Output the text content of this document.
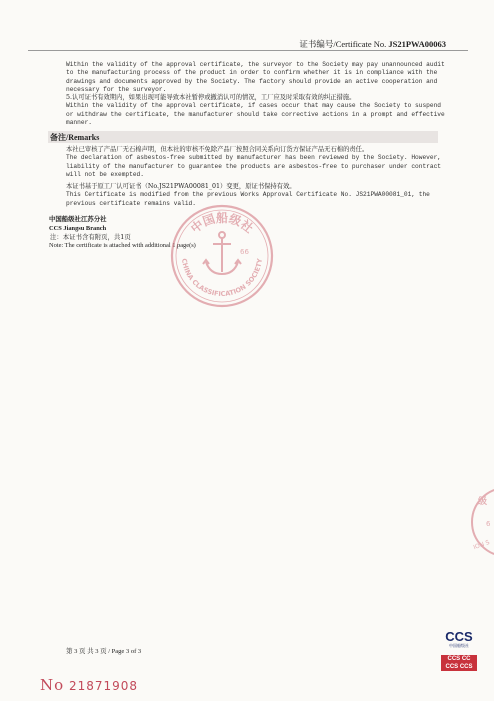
证书编号/Certificate No. JS21PWA00063
Within the validity of the approval certificate, the surveyor to the Society may pay unannounced audit
to the manufacturing process of the product in order to confirm whether it is in compliance with the
drawings and documents approved by the Society. The factory should provide an active cooperation and
necessary for the surveyor.
5.认可证书有效期内，如果出现可能导致本社暂停或撤消认可的情况，工厂应及时采取有效的纠正措施。
Within the validity of the approval certificate, if cases occur that may cause the Society to suspend
or withdraw the certificate, the manufacturer should take corrective actions in a prompt and effective
manner.
备注/Remarks
本社已审核了产品厂无石棉声明，但本社的审核不免除产品厂按照合同关系向订货方保证产品无石棉的责任。
The declaration of asbestos-free submitted by manufacturer has been reviewed by the Society. However,
liability of the manufacturer to guarantee the products are asbestos-free to purchaser under contract
will not be exempted.
本证书基于原工厂认可证书（No.JS21PWA00081_01）变更，原证书保持有效。
This Certificate is modified from the previous Works Approval Certificate No. JS21PWA00081_01, the
previous certificate remains valid.
中国船级社江苏分社
CCS Jiangsu Branch
注：本证书含有附页，共1页
Note: The certificate is attached with additional 1 page(s)
中国船级社
CHINA CLASSIFICATION SOCIETY
66
级
6
ION S
第 3 页 共 3 页 / Page 3 of 3
No 21871908
CCS
中国船级社
CCS CC
CCS CCS
